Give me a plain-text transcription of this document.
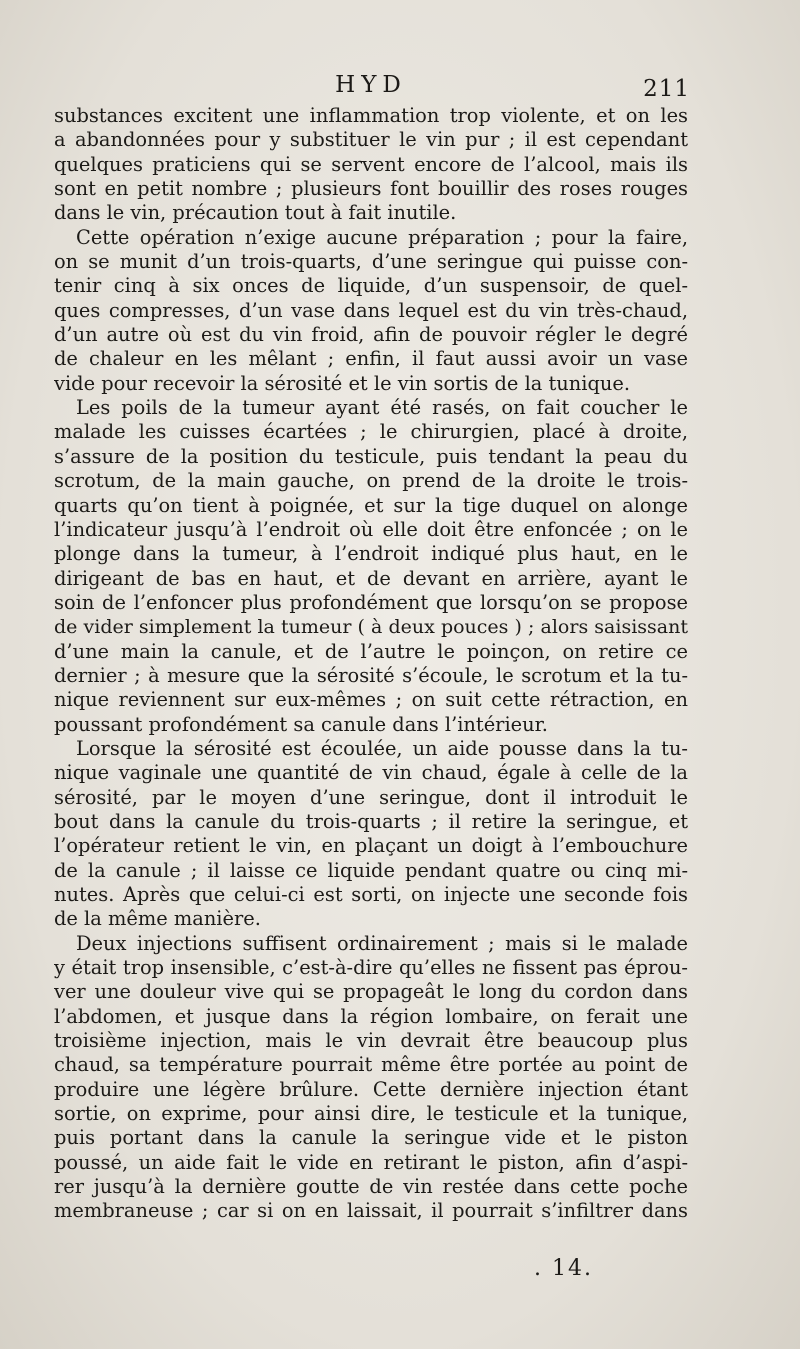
HYD	211
substances excitent une inflammation trop violente, et on les
a abandonnées pour y substituer le vin pur ; il est cependant
quelques praticiens qui se servent encore de l’alcool, mais ils
sont en petit nombre ; plusieurs font bouillir des roses rouges
dans le vin, précaution tout à fait inutile.
Cette opération n’exige aucune préparation ; pour la faire,
on se munit d’un trois-quarts, d’une seringue qui puisse con-
tenir cinq à six onces de liquide, d’un suspensoir, de quel-
ques compresses, d’un vase dans lequel est du vin très-chaud,
d’un autre où est du vin froid, afin de pouvoir régler le degré
de chaleur en les mêlant ; enfin, il faut aussi avoir un vase
vide pour recevoir la sérosité et le vin sortis de la tunique.
Les poils de la tumeur ayant été rasés, on fait coucher le
malade les cuisses écartées ; le chirurgien, placé à droite,
s’assure de la position du testicule, puis tendant la peau du
scrotum, de la main gauche, on prend de la droite le trois-
quarts qu’on tient à poignée, et sur la tige duquel on alonge
l’indicateur jusqu’à l’endroit où elle doit être enfoncée ; on le
plonge dans la tumeur, à l’endroit indiqué plus haut, en le
dirigeant de bas en haut, et de devant en arrière, ayant le
soin de l’enfoncer plus profondément que lorsqu’on se propose
de vider simplement la tumeur ( à deux pouces ) ; alors saisissant
d’une main la canule, et de l’autre le poinçon, on retire ce
dernier ; à mesure que la sérosité s’écoule, le scrotum et la tu-
nique reviennent sur eux-mêmes ; on suit cette rétraction, en
poussant profondément sa canule dans l’intérieur.
Lorsque la sérosité est écoulée, un aide pousse dans la tu-
nique vaginale une quantité de vin chaud, égale à celle de la
sérosité, par le moyen d’une seringue, dont il introduit le
bout dans la canule du trois-quarts ; il retire la seringue, et
l’opérateur retient le vin, en plaçant un doigt à l’embouchure
de la canule ; il laisse ce liquide pendant quatre ou cinq mi-
nutes. Après que celui-ci est sorti, on injecte une seconde fois
de la même manière.
Deux injections suffisent ordinairement ; mais si le malade
y était trop insensible, c’est-à-dire qu’elles ne fissent pas éprou-
ver une douleur vive qui se propageât le long du cordon dans
l’abdomen, et jusque dans la région lombaire, on ferait une
troisième injection, mais le vin devrait être beaucoup plus
chaud, sa température pourrait même être portée au point de
produire une légère brûlure. Cette dernière injection étant
sortie, on exprime, pour ainsi dire, le testicule et la tunique,
puis portant dans la canule la seringue vide et le piston
poussé, un aide fait le vide en retirant le piston, afin d’aspi-
rer jusqu’à la dernière goutte de vin restée dans cette poche
membraneuse ; car si on en laissait, il pourrait s’infiltrer dans
. 14.
